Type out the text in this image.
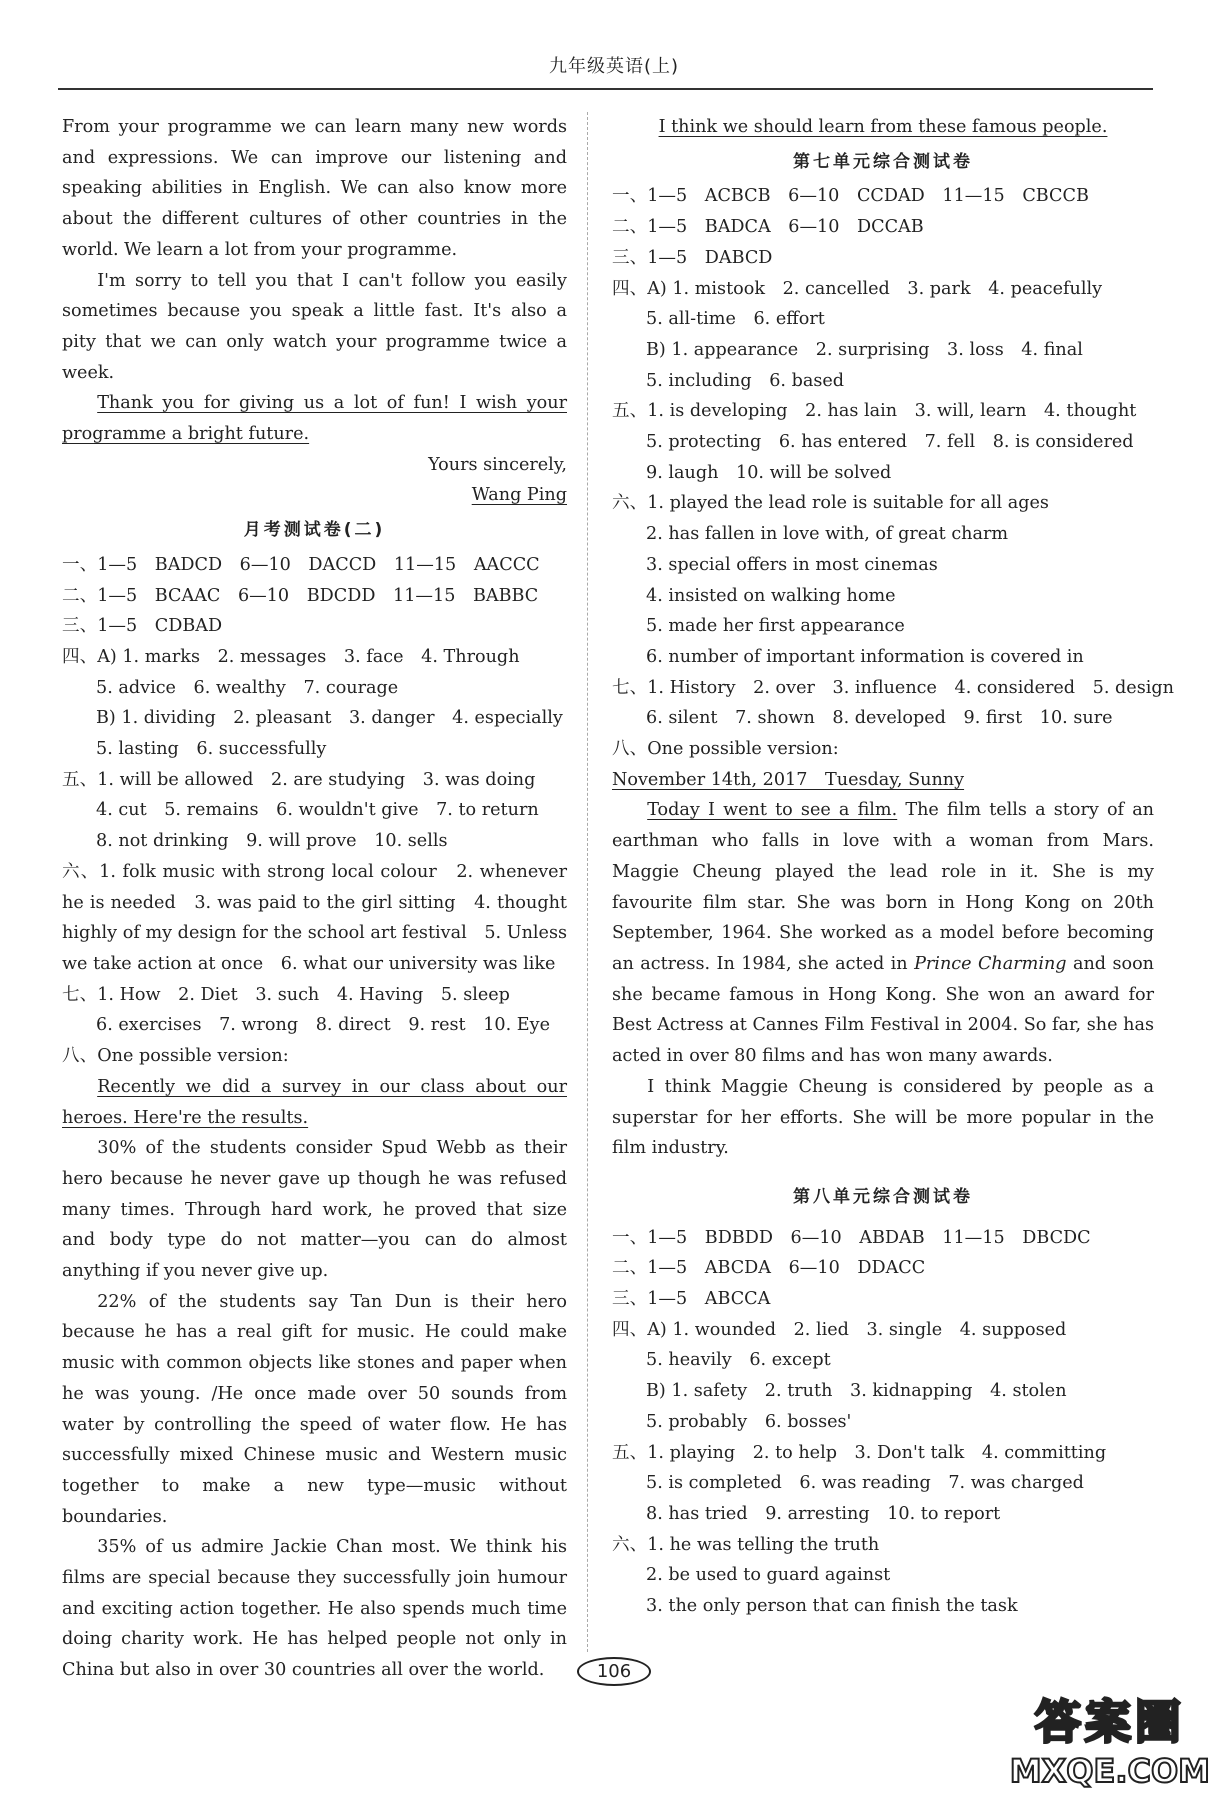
九年级英语(上)

From your programme we can learn many new words and expressions. We can improve our listening and speaking abilities in English. We can also know more about the different cultures of other countries in the world. We learn a lot from your programme.

I'm sorry to tell you that I can't follow you easily sometimes because you speak a little fast. It's also a pity that we can only watch your programme twice a week.

Thank you for giving us a lot of fun! I wish your programme a bright future.

Yours sincerely,
Wang Ping
月考测试卷(二)
一、1—5　BADCD　6—10　DACCD　11—15　AACCC
二、1—5　BCAAC　6—10　BDCDD　11—15　BABBC
三、1—5　CDBAD
四、A) 1. marks　2. messages　3. face　4. Through
5. advice　6. wealthy　7. courage
B) 1. dividing　2. pleasant　3. danger　4. especially
5. lasting　6. successfully
五、1. will be allowed　2. are studying　3. was doing
4. cut　5. remains　6. wouldn't give　7. to return
8. not drinking　9. will prove　10. sells

六、1. folk music with strong local colour　2. whenever he is needed　3. was paid to the girl sitting　4. thought highly of my design for the school art festival　5. Unless we take action at once　6. what our university was like

七、1. How　2. Diet　3. such　4. Having　5. sleep
6. exercises　7. wrong　8. direct　9. rest　10. Eye
八、One possible version:

Recently we did a survey in our class about our heroes. Here're the results.

30% of the students consider Spud Webb as their hero because he never gave up though he was refused many times. Through hard work, he proved that size and body type do not matter—you can do almost anything if you never give up.

22% of the students say Tan Dun is their hero because he has a real gift for music. He could make music with common objects like stones and paper when he was young. /He once made over 50 sounds from water by controlling the speed of water flow. He has successfully mixed Chinese music and Western music together to make a new type—music without boundaries.

35% of us admire Jackie Chan most. We think his films are special because they successfully join humour and exciting action together. He also spends much time doing charity work. He has helped people not only in China but also in over 30 countries all over the world.

I think we should learn from these famous people.
第七单元综合测试卷
一、1—5　ACBCB　6—10　CCDAD　11—15　CBCCB
二、1—5　BADCA　6—10　DCCAB
三、1—5　DABCD
四、A) 1. mistook　2. cancelled　3. park　4. peacefully
5. all-time　6. effort
B) 1. appearance　2. surprising　3. loss　4. final
5. including　6. based
五、1. is developing　2. has lain　3. will, learn　4. thought
5. protecting　6. has entered　7. fell　8. is considered
9. laugh　10. will be solved
六、1. played the lead role is suitable for all ages
2. has fallen in love with, of great charm
3. special offers in most cinemas
4. insisted on walking home
5. made her first appearance
6. number of important information is covered in
七、1. History　2. over　3. influence　4. considered　5. design
6. silent　7. shown　8. developed　9. first　10. sure
八、One possible version:
November 14th, 2017　Tuesday, Sunny

Today I went to see a film. The film tells a story of an earthman who falls in love with a woman from Mars. Maggie Cheung played the lead role in it. She is my favourite film star. She was born in Hong Kong on 20th September, 1964. She worked as a model before becoming an actress. In 1984, she acted in Prince Charming and soon she became famous in Hong Kong. She won an award for Best Actress at Cannes Film Festival in 2004. So far, she has acted in over 80 films and has won many awards.

I think Maggie Cheung is considered by people as a superstar for her efforts. She will be more popular in the film industry.

第八单元综合测试卷
一、1—5　BDBDD　6—10　ABDAB　11—15　DBCDC
二、1—5　ABCDA　6—10　DDACC
三、1—5　ABCCA
四、A) 1. wounded　2. lied　3. single　4. supposed
5. heavily　6. except
B) 1. safety　2. truth　3. kidnapping　4. stolen
5. probably　6. bosses'
五、1. playing　2. to help　3. Don't talk　4. committing
5. is completed　6. was reading　7. was charged
8. has tried　9. arresting　10. to report
六、1. he was telling the truth
2. be used to guard against
3. the only person that can finish the task
106
答案圈
MXQE.COM
